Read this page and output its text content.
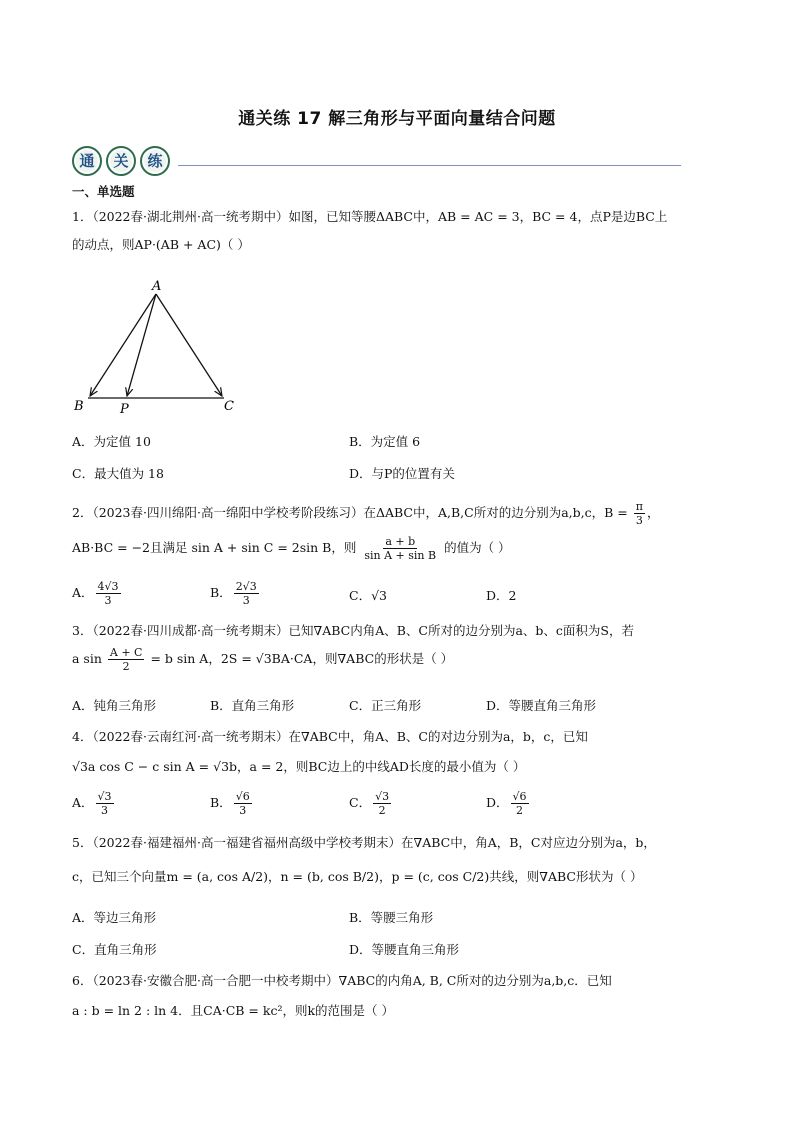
通关练 17 解三角形与平面向量结合问题
通	关	练
一、单选题

1．（2022春·湖北荆州·高一统考期中）如图，已知等腰ΔABC中，AB = AC = 3，BC = 4，点P是边BC上

的动点，则AP·(AB + AC)（ ）

A
B	P	C
A．为定值 10	B．为定值 6
C．最大值为 18	D．与P的位置有关

2．（2023春·四川绵阳·高一绵阳中学校考阶段练习）在ΔABC中，A,B,C所对的边分别为a,b,c，$B = \frac{\pi}{3}$ ，

AB·BC = −2且满足 sin A + sin C = 2sin B，则 $\frac{a + b}{\text{sin A + sin B}}$ 的值为（ ）

A． $\frac{4√3}{3}$	B． $\frac{2√3}{3}$	C．√3	D．2

3．（2022春·四川成都·高一统考期末）已知∇ABC内角A、B、C所对的边分别为a、b、c面积为S，若

a $\sin \frac{A + C}{2} = b$ sin A，2S = √3BA·CA，则∇ABC的形状是（ ）

A．钝角三角形	B．直角三角形	C．正三角形	D．等腰直角三角形

4．（2022春·云南红河·高一统考期末）在∇ABC中，角A、B、C的对边分别为a，b，c，已知

√3a cos C − c sin A = √3b，a = 2，则BC边上的中线AD长度的最小值为（ ）

A． $\frac{√3}{3}$	B． $\frac{√6}{3}$	C． $\frac{√3}{2}$	D． $\frac{√6}{2}$

5．（2022春·福建福州·高一福建省福州高级中学校考期末）在∇ABC中，角A，B，C对应边分别为a，b，

c，已知三个向量m = (a, cos A/2)，n = (b, cos B/2)，p = (c, cos C/2)共线，则∇ABC形状为（ ）

A．等边三角形	B．等腰三角形
C．直角三角形	D．等腰直角三角形

6．（2023春·安徽合肥·高一合肥一中校考期中）∇ABC的内角A, B, C所对的边分别为a,b,c．已知

a : b = ln 2 : ln 4．且CA·CB = kc²，则k的范围是（ ）
